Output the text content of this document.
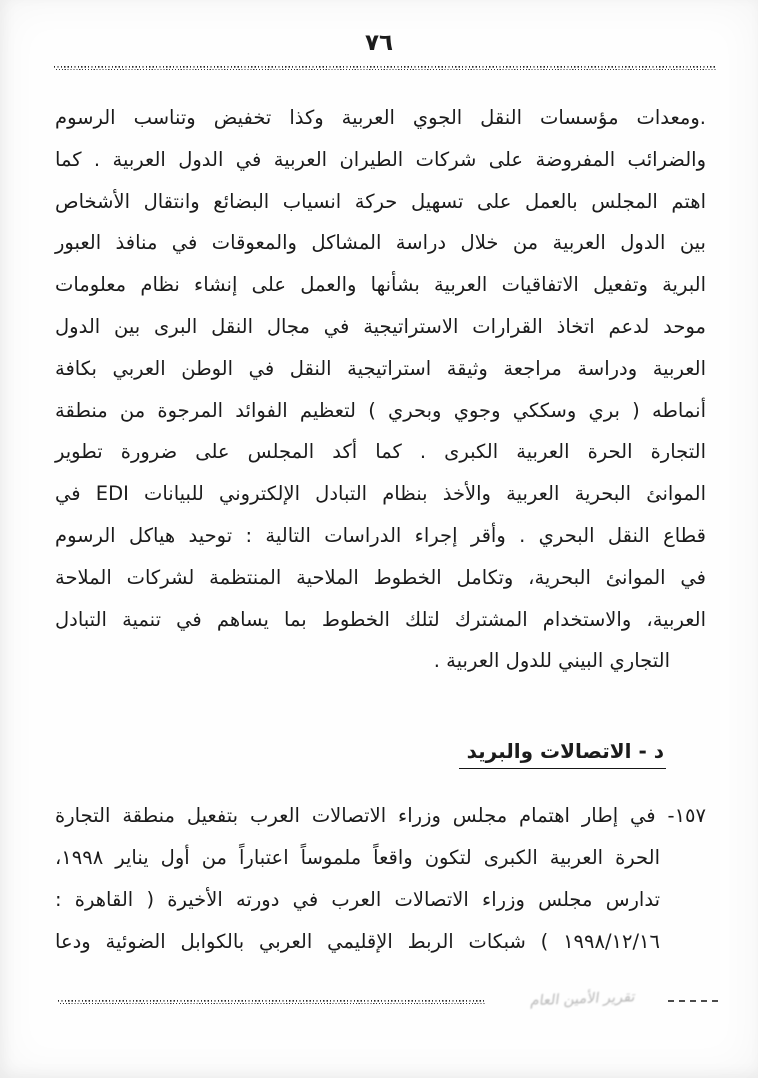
٧٦
.ومعدات مؤسسات النقل الجوي العربية وكذا تخفيض وتناسب الرسوم
والضرائب المفروضة على شركات الطيران العربية في الدول العربية . كما
اهتم المجلس بالعمل على تسهيل حركة انسياب البضائع وانتقال الأشخاص
بين الدول العربية من خلال دراسة المشاكل والمعوقات في منافذ العبور
البرية وتفعيل الاتفاقيات العربية بشأنها والعمل على إنشاء نظام معلومات
موحد لدعم اتخاذ القرارات الاستراتيجية في مجال النقل البرى بين الدول
العربية ودراسة مراجعة وثيقة استراتيجية النقل في الوطن العربي بكافة
أنماطه ( بري وسككي وجوي وبحري ) لتعظيم الفوائد المرجوة من منطقة
التجارة الحرة العربية الكبرى . كما أكد المجلس على ضرورة تطوير
الموانئ البحرية العربية والأخذ بنظام التبادل الإلكتروني للبيانات EDI في
قطاع النقل البحري . وأقر إجراء الدراسات التالية : توحيد هياكل الرسوم
في الموانئ البحرية، وتكامل الخطوط الملاحية المنتظمة لشركات الملاحة
العربية، والاستخدام المشترك لتلك الخطوط بما يساهم في تنمية التبادل
التجاري البيني للدول العربية .
د - الاتصالات والبريد
١٥٧- في إطار اهتمام مجلس وزراء الاتصالات العرب بتفعيل منطقة التجارة
الحرة العربية الكبرى لتكون واقعاً ملموساً اعتباراً من أول يناير ١٩٩٨،
تدارس مجلس وزراء الاتصالات العرب في دورته الأخيرة ( القاهرة :
١٩٩٨/١٢/١٦ ) شبكات الربط الإقليمي العربي بالكوابل الضوئية ودعا
تقرير الأمين العام
